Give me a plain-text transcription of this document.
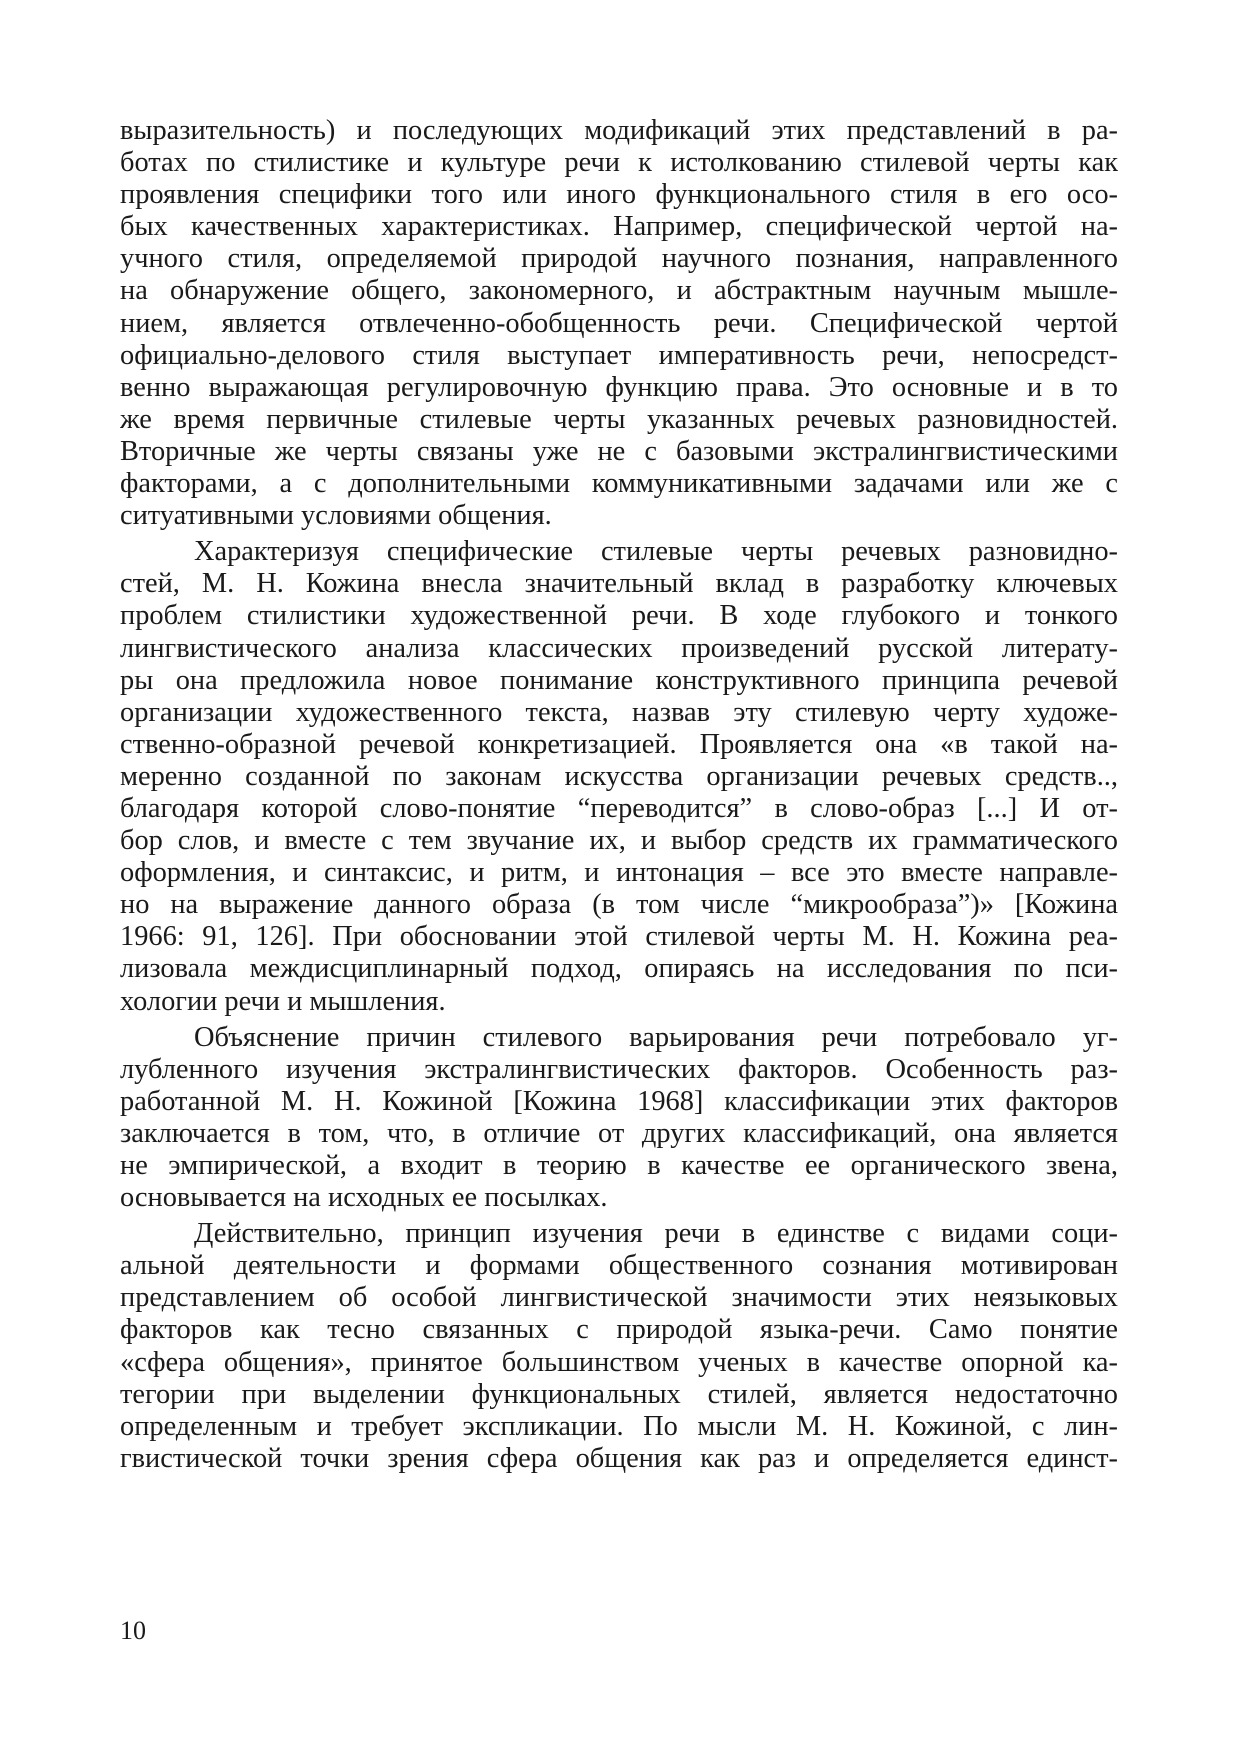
выразительность) и последующих модификаций этих представлений в ра-
ботах по стилистике и культуре речи к истолкованию стилевой черты как
проявления специфики того или иного функционального стиля в его осо-
бых качественных характеристиках. Например, специфической чертой на-
учного стиля, определяемой природой научного познания, направленного
на обнаружение общего, закономерного, и абстрактным научным мышле-
нием, является отвлеченно-обобщенность речи. Специфической чертой
официально-делового стиля выступает императивность речи, непосредст-
венно выражающая регулировочную функцию права. Это основные и в то
же время первичные стилевые черты указанных речевых разновидностей.
Вторичные же черты связаны уже не с базовыми экстралингвистическими
факторами, а с дополнительными коммуникативными задачами или же с
ситуативными условиями общения.
Характеризуя специфические стилевые черты речевых разновидно-
стей, М. Н. Кожина внесла значительный вклад в разработку ключевых
проблем стилистики художественной речи. В ходе глубокого и тонкого
лингвистического анализа классических произведений русской литерату-
ры она предложила новое понимание конструктивного принципа речевой
организации художественного текста, назвав эту стилевую черту художе-
ственно-образной речевой конкретизацией. Проявляется она «в такой на-
меренно созданной по законам искусства организации речевых средств..,
благодаря которой слово-понятие “переводится” в слово-образ [...] И от-
бор слов, и вместе с тем звучание их, и выбор средств их грамматического
оформления, и синтаксис, и ритм, и интонация – все это вместе направле-
но на выражение данного образа (в том числе “микрообраза”)» [Кожина
1966: 91, 126]. При обосновании этой стилевой черты М. Н. Кожина реа-
лизовала междисциплинарный подход, опираясь на исследования по пси-
хологии речи и мышления.
Объяснение причин стилевого варьирования речи потребовало уг-
лубленного изучения экстралингвистических факторов. Особенность раз-
работанной М. Н. Кожиной [Кожина 1968] классификации этих факторов
заключается в том, что, в отличие от других классификаций, она является
не эмпирической, а входит в теорию в качестве ее органического звена,
основывается на исходных ее посылках.
Действительно, принцип изучения речи в единстве с видами соци-
альной деятельности и формами общественного сознания мотивирован
представлением об особой лингвистической значимости этих неязыковых
факторов как тесно связанных с природой языка-речи. Само понятие
«сфера общения», принятое большинством ученых в качестве опорной ка-
тегории при выделении функциональных стилей, является недостаточно
определенным и требует экспликации. По мысли М. Н. Кожиной, с лин-
гвистической точки зрения сфера общения как раз и определяется единст-
10
